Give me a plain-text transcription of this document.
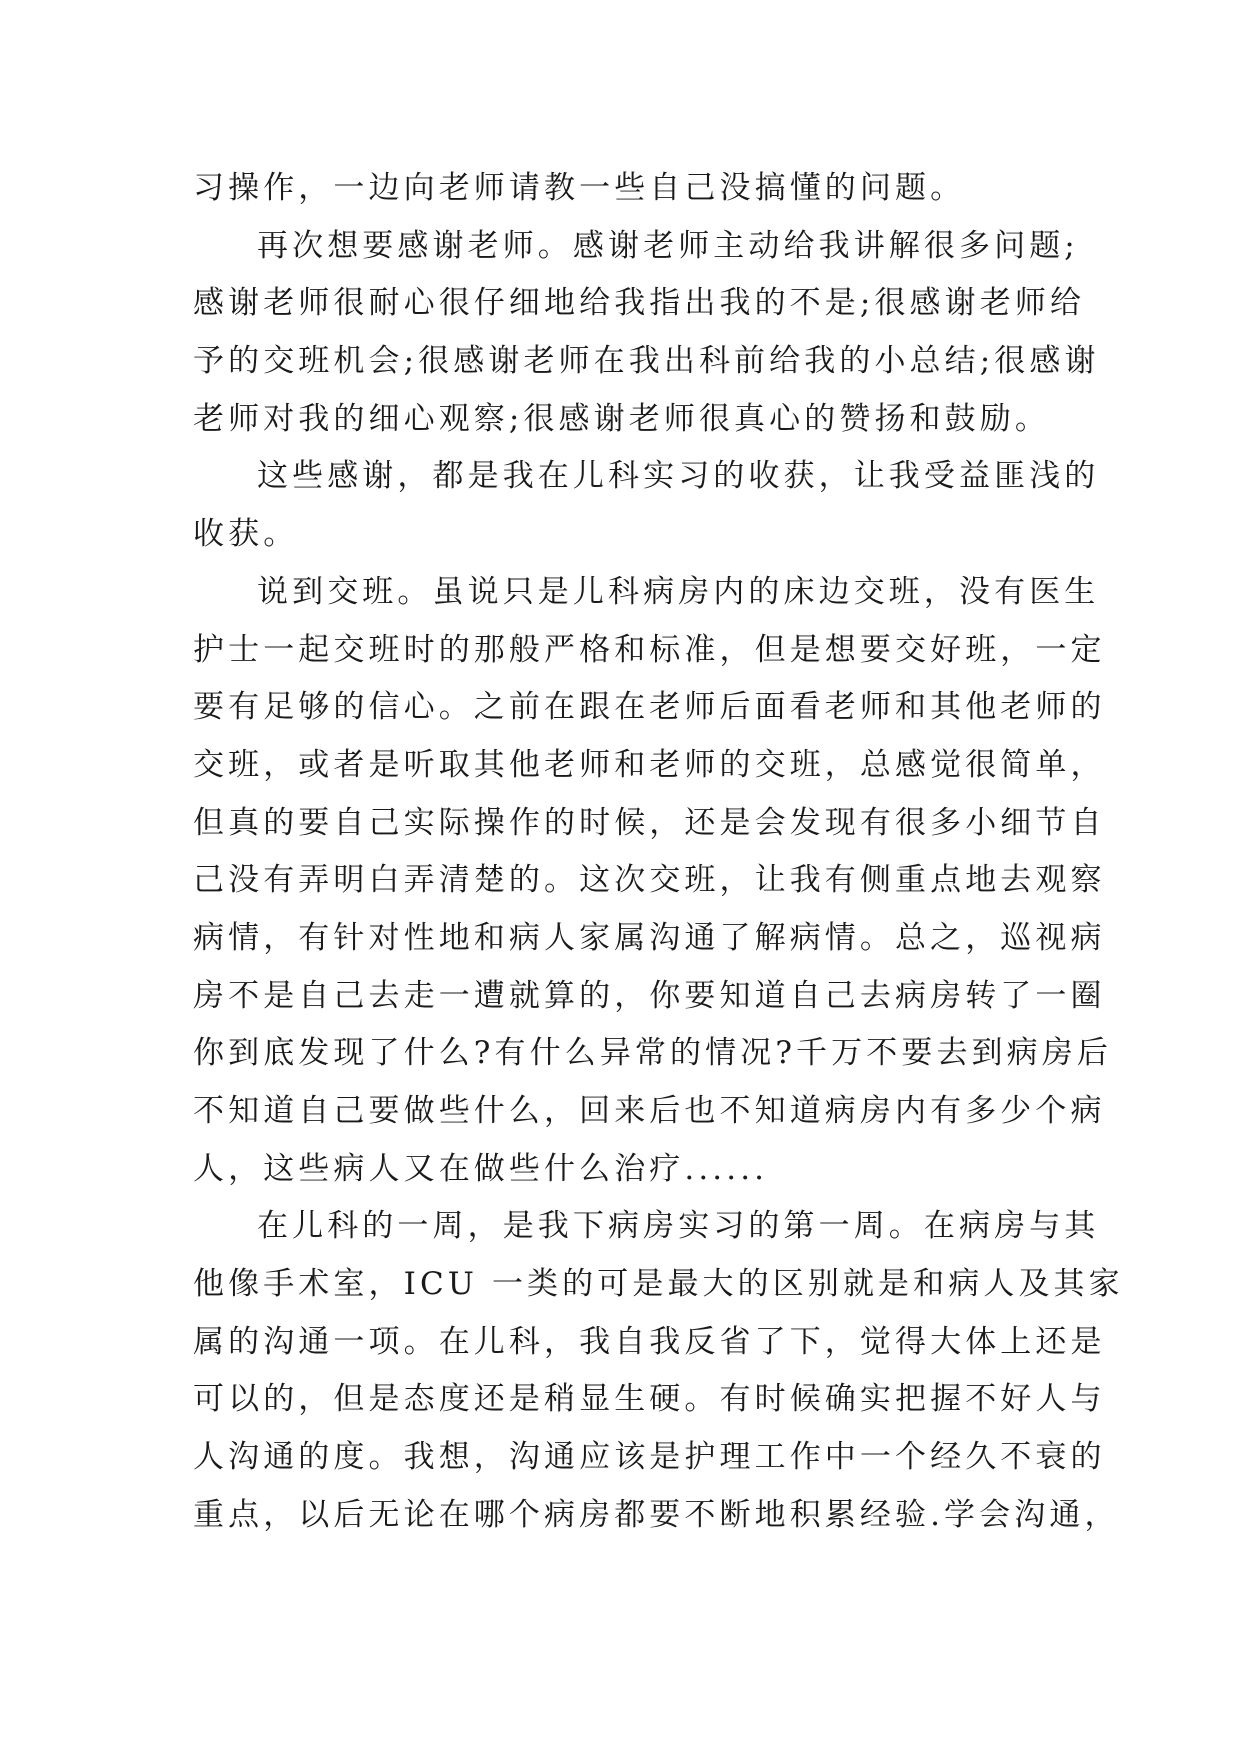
习操作，一边向老师请教一些自己没搞懂的问题。
再次想要感谢老师。感谢老师主动给我讲解很多问题;
感谢老师很耐心很仔细地给我指出我的不是;很感谢老师给
予的交班机会;很感谢老师在我出科前给我的小总结;很感谢
老师对我的细心观察;很感谢老师很真心的赞扬和鼓励。
这些感谢，都是我在儿科实习的收获，让我受益匪浅的
收获。
说到交班。虽说只是儿科病房内的床边交班，没有医生
护士一起交班时的那般严格和标准，但是想要交好班，一定
要有足够的信心。之前在跟在老师后面看老师和其他老师的
交班，或者是听取其他老师和老师的交班，总感觉很简单，
但真的要自己实际操作的时候，还是会发现有很多小细节自
己没有弄明白弄清楚的。这次交班，让我有侧重点地去观察
病情，有针对性地和病人家属沟通了解病情。总之，巡视病
房不是自己去走一遭就算的，你要知道自己去病房转了一圈
你到底发现了什么?有什么异常的情况?千万不要去到病房后
不知道自己要做些什么，回来后也不知道病房内有多少个病
人，这些病人又在做些什么治疗......
在儿科的一周，是我下病房实习的第一周。在病房与其
他像手术室，ICU 一类的可是最大的区别就是和病人及其家
属的沟通一项。在儿科，我自我反省了下，觉得大体上还是
可以的，但是态度还是稍显生硬。有时候确实把握不好人与
人沟通的度。我想，沟通应该是护理工作中一个经久不衰的
重点，以后无论在哪个病房都要不断地积累经验.学会沟通，
